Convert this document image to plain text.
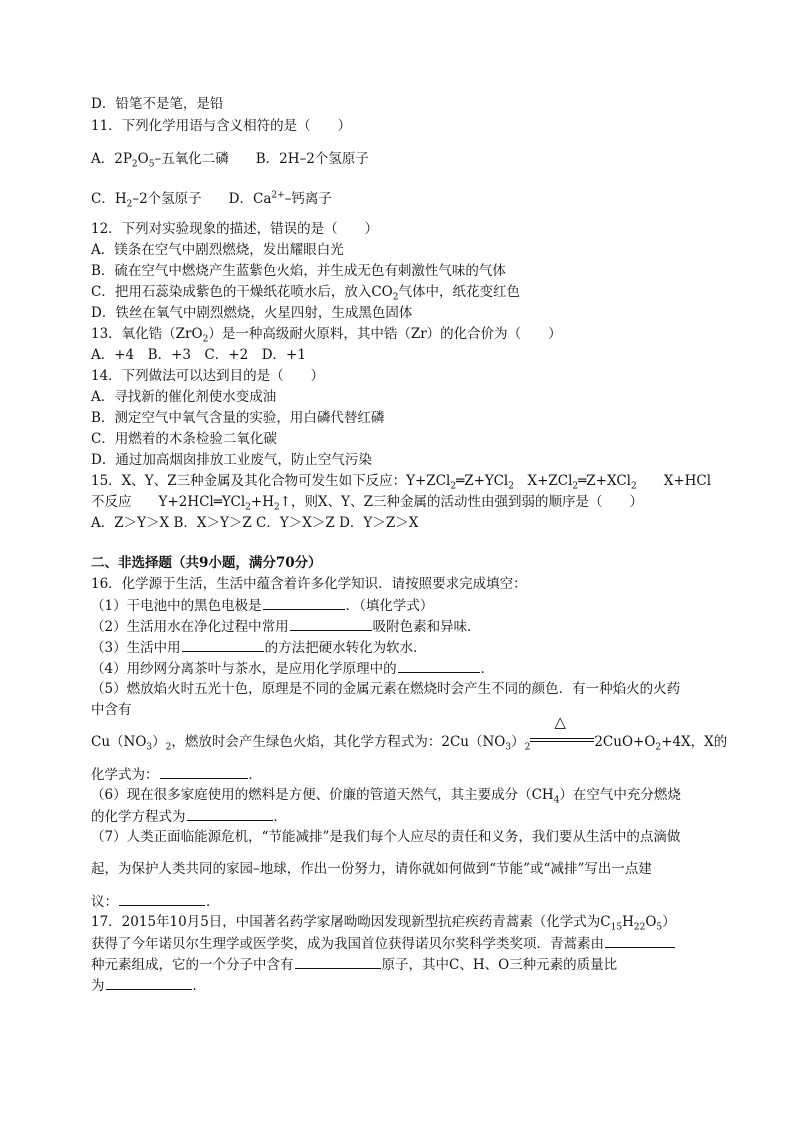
D．铅笔不是笔，是铅
11．下列化学用语与含义相符的是（　　）
A．$2P_2O_5-$五氧化二磷　　B．2H–2个氢原子
C．$H_2-2$个氢原子　　D．$Ca^{2+}-$钙离子
12．下列对实验现象的描述，错误的是（　　）
A．镁条在空气中剧烈燃烧，发出耀眼白光
B．硫在空气中燃烧产生蓝紫色火焰，并生成无色有刺激性气味的气体
C．把用石蕊染成紫色的干燥纸花喷水后，放入$CO_2$气体中，纸花变红色
D．铁丝在氧气中剧烈燃烧，火星四射，生成黑色固体
13．氧化锆（ZrO$_2$）是一种高级耐火原料，其中锆（Zr）的化合价为（　　）
A．+4　B．+3　C．+2　D．+1
14．下列做法可以达到目的是（　　）
A．寻找新的催化剂使水变成油
B．测定空气中氧气含量的实验，用白磷代替红磷
C．用燃着的木条检验二氧化碳
D．通过加高烟囱排放工业废气，防止空气污染
15．X、Y、Z三种金属及其化合物可发生如下反应：Y+ZCl$_2$═Z+YCl$_2$　X+ZCl$_2$═Z+XCl$_2$　　X+HCl
不反应　　$Y+2HCl═YCl_2+H_2↑$，则X、Y、Z三种金属的活动性由强到弱的顺序是（　　）
A．Z＞Y＞X B．X＞Y＞Z C．Y＞X＞Z D．Y＞Z＞X
二、非选择题（共9小题，满分70分）
16．化学源于生活，生活中蕴含着许多化学知识．请按照要求完成填空：
（1）干电池中的黑色电极是	．（填化学式）
（2）生活用水在净化过程中常用	吸附色素和异味．
（3）生活中用	的方法把硬水转化为软水．
（4）用纱网分离茶叶与茶水，是应用化学原理中的	．
（5）燃放焰火时五光十色，原理是不同的金属元素在燃烧时会产生不同的颜色．有一种焰火的火药
中含有
$Cu(NO_3)_2$，燃放时会产生绿色火焰，其化学方程式为：$2Cu(NO_3)_2$
△
$2CuO+O_2+4X$，X的
化学式为：	．
（6）现在很多家庭使用的燃料是方便、价廉的管道天然气，其主要成分$(CH_4)$在空气中充分燃烧
的化学方程式为	．
（7）人类正面临能源危机，“节能减排”是我们每个人应尽的责任和义务，我们要从生活中的点滴做
起，为保护人类共同的家园–地球，作出一份努力，请你就如何做到“节能”或“减排”写出一点建
议：	．
17．2015年10月5日，中国著名药学家屠呦呦因发现新型抗疟疾药青蒿素（化学式为$C_{15}H_{22}O_5$）
获得了今年诺贝尔生理学或医学奖，成为我国首位获得诺贝尔奖科学类奖项．青蒿素由
种元素组成，它的一个分子中含有	原子，其中C、H、O三种元素的质量比
为	．
